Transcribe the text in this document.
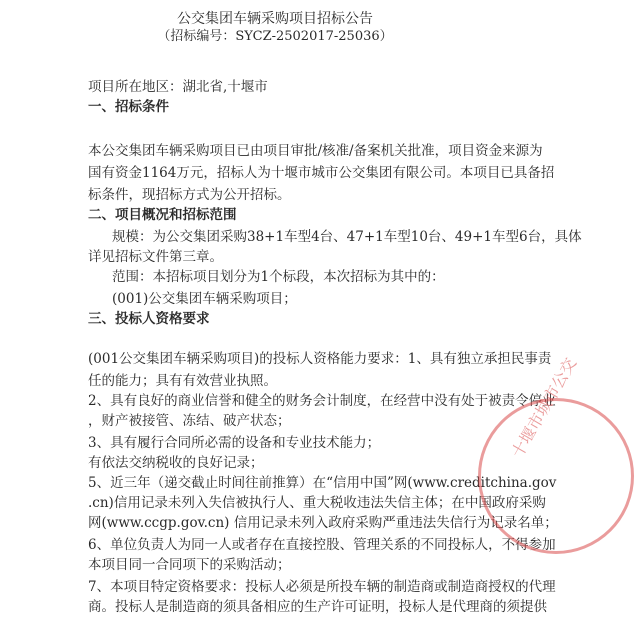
公交集团车辆采购项目招标公告
（招标编号：SYCZ-2502017-25036）
项目所在地区：湖北省,十堰市
一、招标条件
本公交集团车辆采购项目已由项目审批/核准/备案机关批准，项目资金来源为
国有资金1164万元，招标人为十堰市城市公交集团有限公司。本项目已具备招
标条件，现招标方式为公开招标。
二、项目概况和招标范围
规模：为公交集团采购38+1车型4台、47+1车型10台、49+1车型6台，具体
详见招标文件第三章。
范围：本招标项目划分为1个标段，本次招标为其中的：
(001)公交集团车辆采购项目；
三、投标人资格要求
(001公交集团车辆采购项目)的投标人资格能力要求：1、具有独立承担民事责
任的能力；具有有效营业执照。
2、具有良好的商业信誉和健全的财务会计制度，在经营中没有处于被责令停业
，财产被接管、冻结、破产状态；
3、具有履行合同所必需的设备和专业技术能力；
有依法交纳税收的良好记录；
5、近三年（递交截止时间往前推算）在“信用中国”网(www.creditchina.gov
.cn)信用记录未列入失信被执行人、重大税收违法失信主体；在中国政府采购
网(www.ccgp.gov.cn) 信用记录未列入政府采购严重违法失信行为记录名单；
6、单位负责人为同一人或者存在直接控股、管理关系的不同投标人，不得参加
本项目同一合同项下的采购活动；
7、本项目特定资格要求：投标人必须是所投车辆的制造商或制造商授权的代理
商。投标人是制造商的须具备相应的生产许可证明，投标人是代理商的须提供
十堰市城市公交
